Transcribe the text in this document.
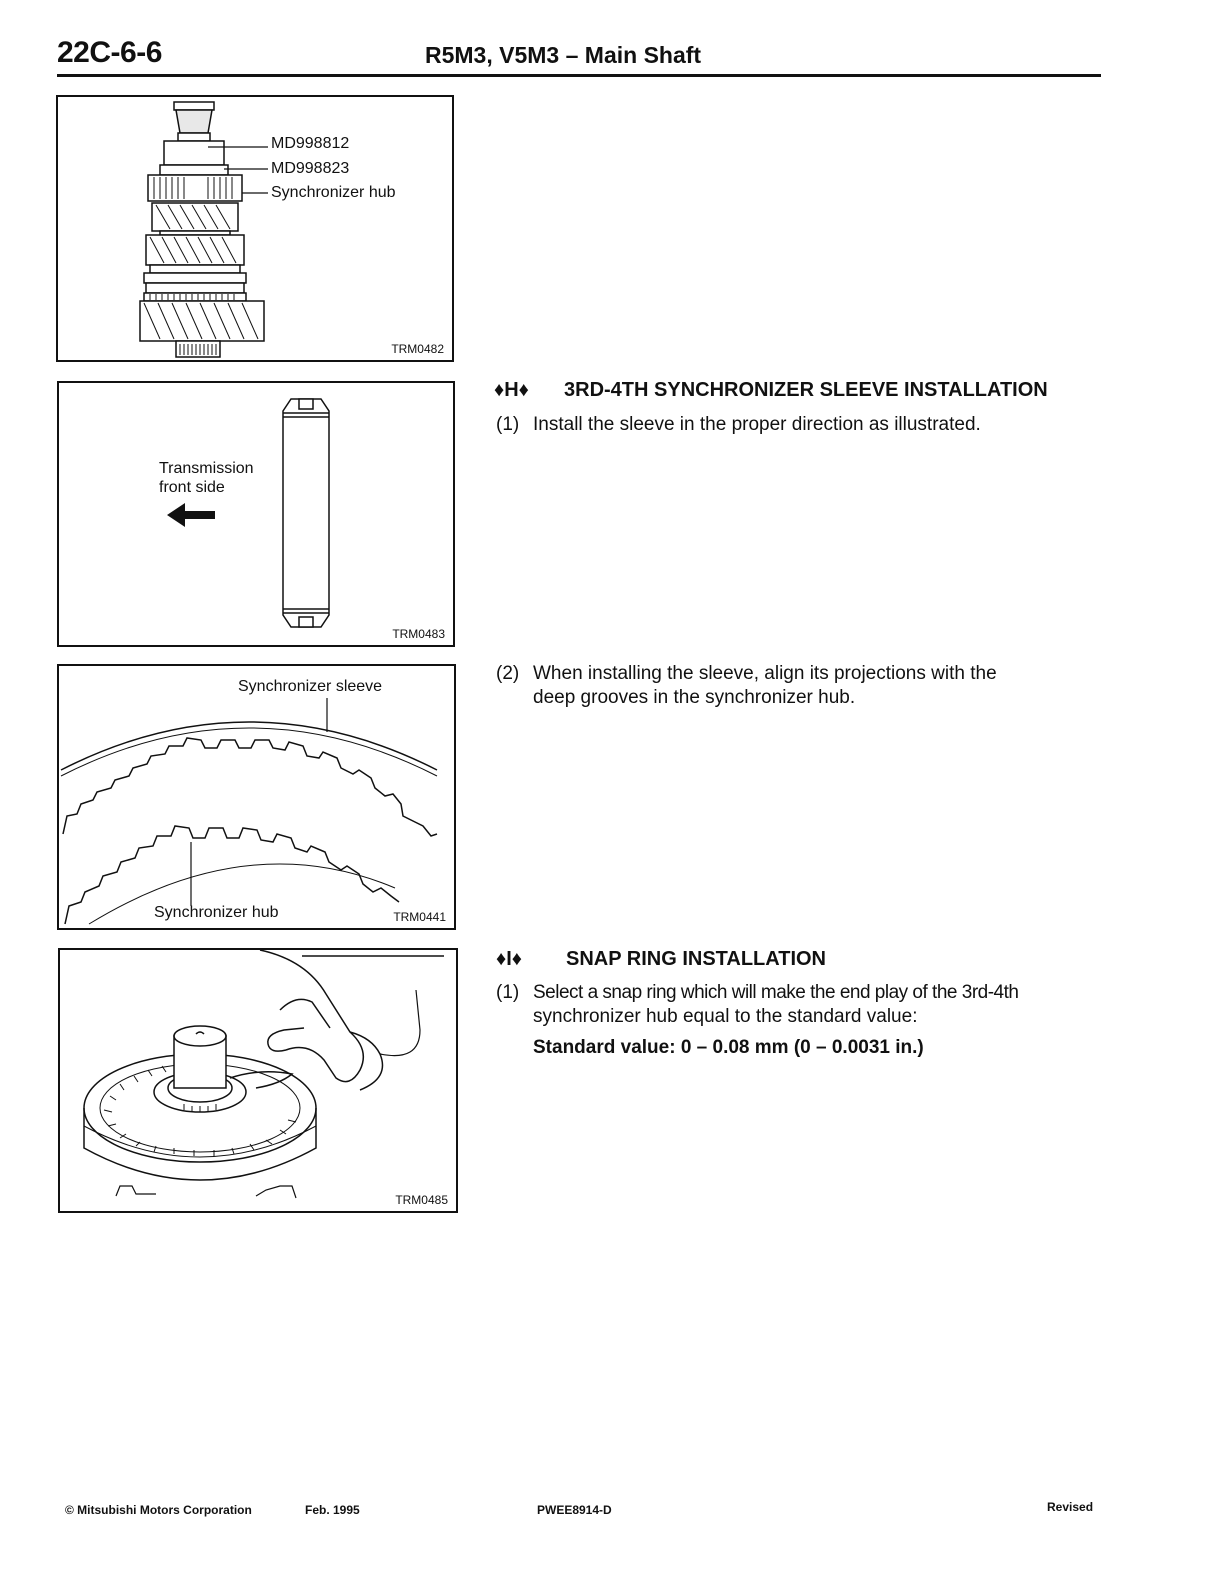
22C-6-6	R5M3, V5M3 – Main Shaft
MD998812
MD998823
Synchronizer hub
TRM0482
Transmission
front side
TRM0483
Synchronizer sleeve
Synchronizer hub	TRM0441
TRM0485
♦H♦ 3RD-4TH SYNCHRONIZER SLEEVE INSTALLATION
(1) Install the sleeve in the proper direction as illustrated.
(2) When installing the sleeve, align its projections with the
deep grooves in the synchronizer hub.
♦I♦ SNAP RING INSTALLATION
(1) Select a snap ring which will make the end play of the 3rd-4th
synchronizer hub equal to the standard value:
Standard value: 0 – 0.08 mm (0 – 0.0031 in.)
© Mitsubishi Motors Corporation	Feb. 1995	PWEE8914-D	Revised
